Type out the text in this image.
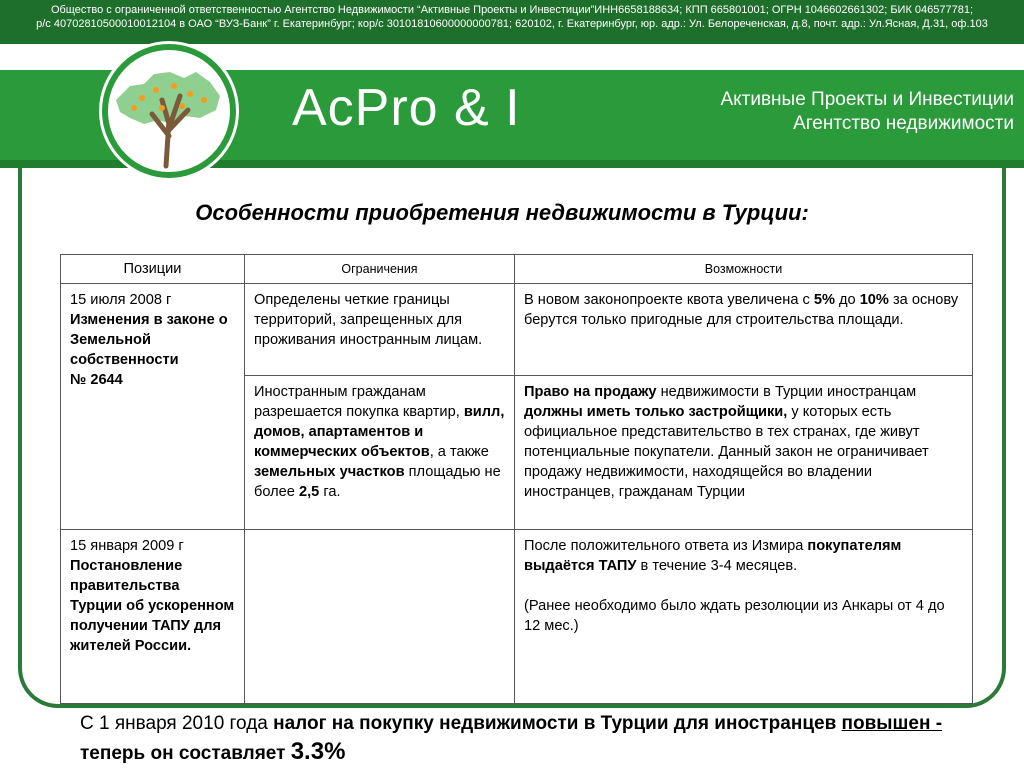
Общество с ограниченной ответственностью Агентство Недвижимости “Активные Проекты и Инвестиции”ИНН6658188634; КПП 665801001; ОГРН 1046602661302; БИК 046577781;
р/с 40702810500010012104 в ОАО “ВУЗ-Банк” г. Екатеринбург; кор/с 30101810600000000781; 620102, г. Екатеринбург, юр. адр.: Ул. Белореченская, д.8, почт. адр.: Ул.Ясная, Д.31, оф.103
AcPro & I	Активные Проекты и Инвестиции
Агентство недвижимости
Особенности приобретения недвижимости в Турции:
Позиции	Ограничения	Возможности
15 июля 2008 г
Изменения в законе о Земельной собственности
№ 2644	Определены четкие границы территорий, запрещенных для проживания иностранным лицам.	В новом законопроекте квота увеличена с 5% до 10% за основу берутся только пригодные для строительства площади.
	Иностранным гражданам разрешается покупка квартир, вилл, домов, апартаментов и коммерческих объектов, а также земельных участков площадью не более 2,5 га.	Право на продажу недвижимости в Турции иностранцам должны иметь только застройщики, у которых есть официальное представительство в тех странах, где живут потенциальные покупатели. Данный закон не ограничивает продажу недвижимости, находящейся во владении иностранцев, гражданам Турции
15 января 2009 г
Постановление правительства Турции об ускоренном получении ТАПУ для жителей России.		После положительного ответа из Измира покупателям выдаётся ТАПУ в течение 3-4 месяцев.
(Ранее необходимо было ждать резолюции из Анкары от 4 до 12 мес.)
С 1 января 2010 года налог на покупку недвижимости в Турции для иностранцев повышен - теперь он составляет 3.3%
